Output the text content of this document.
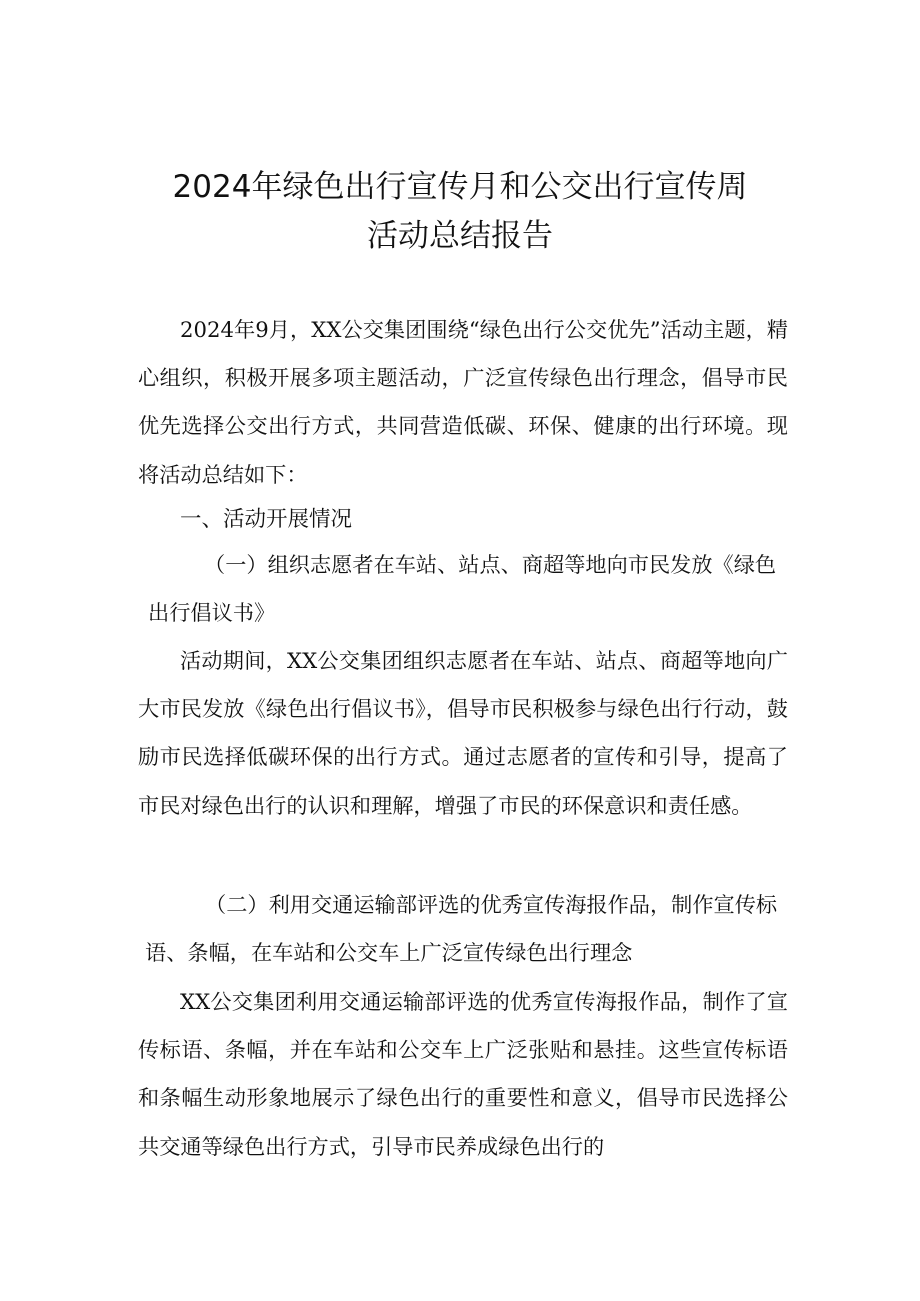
2024年绿色出行宣传月和公交出行宣传周
活动总结报告

2024年9月，XX公交集团围绕“绿色出行公交优先”活动主题，精心组织，积极开展多项主题活动，广泛宣传绿色出行理念，倡导市民优先选择公交出行方式，共同营造低碳、环保、健康的出行环境。现将活动总结如下：

一、活动开展情况

（一）组织志愿者在车站、站点、商超等地向市民发放《绿色出行倡议书》

活动期间，XX公交集团组织志愿者在车站、站点、商超等地向广大市民发放《绿色出行倡议书》，倡导市民积极参与绿色出行行动，鼓励市民选择低碳环保的出行方式。通过志愿者的宣传和引导，提高了市民对绿色出行的认识和理解，增强了市民的环保意识和责任感。

（二）利用交通运输部评选的优秀宣传海报作品，制作宣传标语、条幅，在车站和公交车上广泛宣传绿色出行理念

XX公交集团利用交通运输部评选的优秀宣传海报作品，制作了宣传标语、条幅，并在车站和公交车上广泛张贴和悬挂。这些宣传标语和条幅生动形象地展示了绿色出行的重要性和意义，倡导市民选择公共交通等绿色出行方式，引导市民养成绿色出行的
